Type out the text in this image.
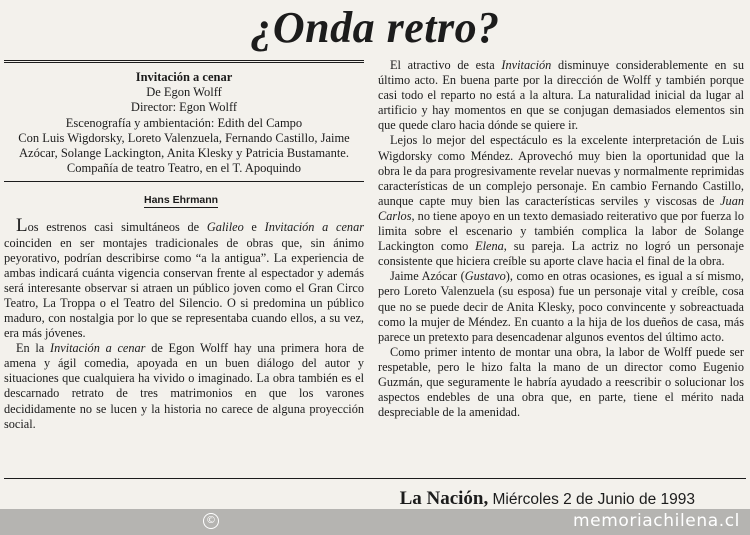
¿Onda retro?
Invitación a cenar
De Egon Wolff
Director: Egon Wolff
Escenografía y ambientación: Edith del Campo
Con Luis Wigdorsky, Loreto Valenzuela, Fernando Castillo, Jaime Azócar, Solange Lackington, Anita Klesky y Patricia Bustamante.
Compañía de teatro Teatro, en el T. Apoquindo
Hans Ehrmann

Los estrenos casi simultáneos de Galileo e Invitación a cenar coinciden en ser montajes tradicionales de obras que, sin ánimo peyorativo, podrían describirse como “a la antigua”. La experiencia de ambas indicará cuánta vigencia conservan frente al espectador y además será interesante observar si atraen un público joven como el Gran Circo Teatro, La Troppa o el Teatro del Silencio. O si predomina un público maduro, con nostalgia por lo que se representaba cuando ellos, a su vez, era más jóvenes.

En la Invitación a cenar de Egon Wolff hay una primera hora de amena y ágil comedia, apoyada en un buen diálogo del autor y situaciones que cualquiera ha vivido o imaginado. La obra también es el descarnado retrato de tres matrimonios en que los varones decididamente no se lucen y la historia no carece de alguna proyección social.

El atractivo de esta Invitación disminuye considerablemente en su último acto. En buena parte por la dirección de Wolff y también porque casi todo el reparto no está a la altura. La naturalidad inicial da lugar al artificio y hay momentos en que se conjugan demasiados elementos sin que quede claro hacia dónde se quiere ir.

Lejos lo mejor del espectáculo es la excelente interpretación de Luis Wigdorsky como Méndez. Aprovechó muy bien la oportunidad que la obra le da para progresivamente revelar nuevas y normalmente reprimidas características de un complejo personaje. En cambio Fernando Castillo, aunque capte muy bien las características serviles y viscosas de Juan Carlos, no tiene apoyo en un texto demasiado reiterativo que por fuerza lo limita sobre el escenario y también complica la labor de Solange Lackington como Elena, su pareja. La actriz no logró un personaje consistente que hiciera creíble su aporte clave hacia el final de la obra.

Jaime Azócar (Gustavo), como en otras ocasiones, es igual a sí mismo, pero Loreto Valenzuela (su esposa) fue un personaje vital y creíble, cosa que no se puede decir de Anita Klesky, poco convincente y sobreactuada como la mujer de Méndez. En cuanto a la hija de los dueños de casa, más parece un pretexto para desencadenar algunos eventos del último acto.

Como primer intento de montar una obra, la labor de Wolff puede ser respetable, pero le hizo falta la mano de un director como Eugenio Guzmán, que seguramente le habría ayudado a reescribir o solucionar los aspectos endebles de una obra que, en parte, tiene el mérito nada despreciable de la amenidad.

La Nación, Miércoles 2 de Junio de 1993
©	memoriachilena.cl
